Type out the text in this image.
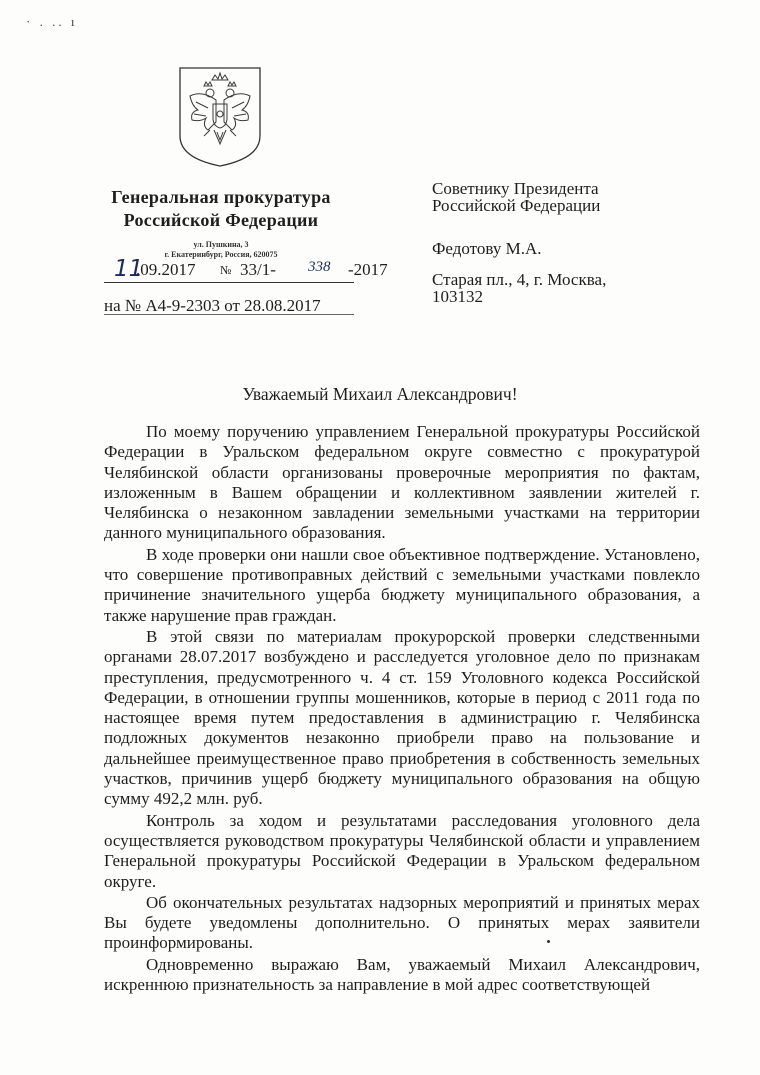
· . .. ı
Генеральная прокуратура
Российской Федерации
ул. Пушкина, 3
г. Екатеринбург, Россия, 620075
11
.09.2017 № 33/1- 338 -2017
на № А4-9-2303 от 28.08.2017
Советнику Президента
Российской Федерации
Федотову М.А.
Старая пл., 4, г. Москва,
103132
Уважаемый Михаил Александрович!

По моему поручению управлением Генеральной прокуратуры Российской Федерации в Уральском федеральном округе совместно с прокуратурой Челябинской области организованы проверочные мероприятия по фактам, изложенным в Вашем обращении и коллективном заявлении жителей г. Челябинска о незаконном завладении земельными участками на территории данного муниципального образования.

В ходе проверки они нашли свое объективное подтверждение. Установлено, что совершение противоправных действий с земельными участками повлекло причинение значительного ущерба бюджету муниципального образования, а также нарушение прав граждан.

В этой связи по материалам прокурорской проверки следственными органами 28.07.2017 возбуждено и расследуется уголовное дело по признакам преступления, предусмотренного ч. 4 ст. 159 Уголовного кодекса Российской Федерации, в отношении группы мошенников, которые в период с 2011 года по настоящее время путем предоставления в администрацию г. Челябинска подложных документов незаконно приобрели право на пользование и дальнейшее преимущественное право приобретения в собственность земельных участков, причинив ущерб бюджету муниципального образования на общую сумму 492,2 млн. руб.

Контроль за ходом и результатами расследования уголовного дела осуществляется руководством прокуратуры Челябинской области и управлением Генеральной прокуратуры Российской Федерации в Уральском федеральном округе.

Об окончательных результатах надзорных мероприятий и принятых мерах Вы будете уведомлены дополнительно. О принятых мерах заявители проинформированы.

Одновременно выражаю Вам, уважаемый Михаил Александрович, искреннюю признательность за направление в мой адрес соответствующей
